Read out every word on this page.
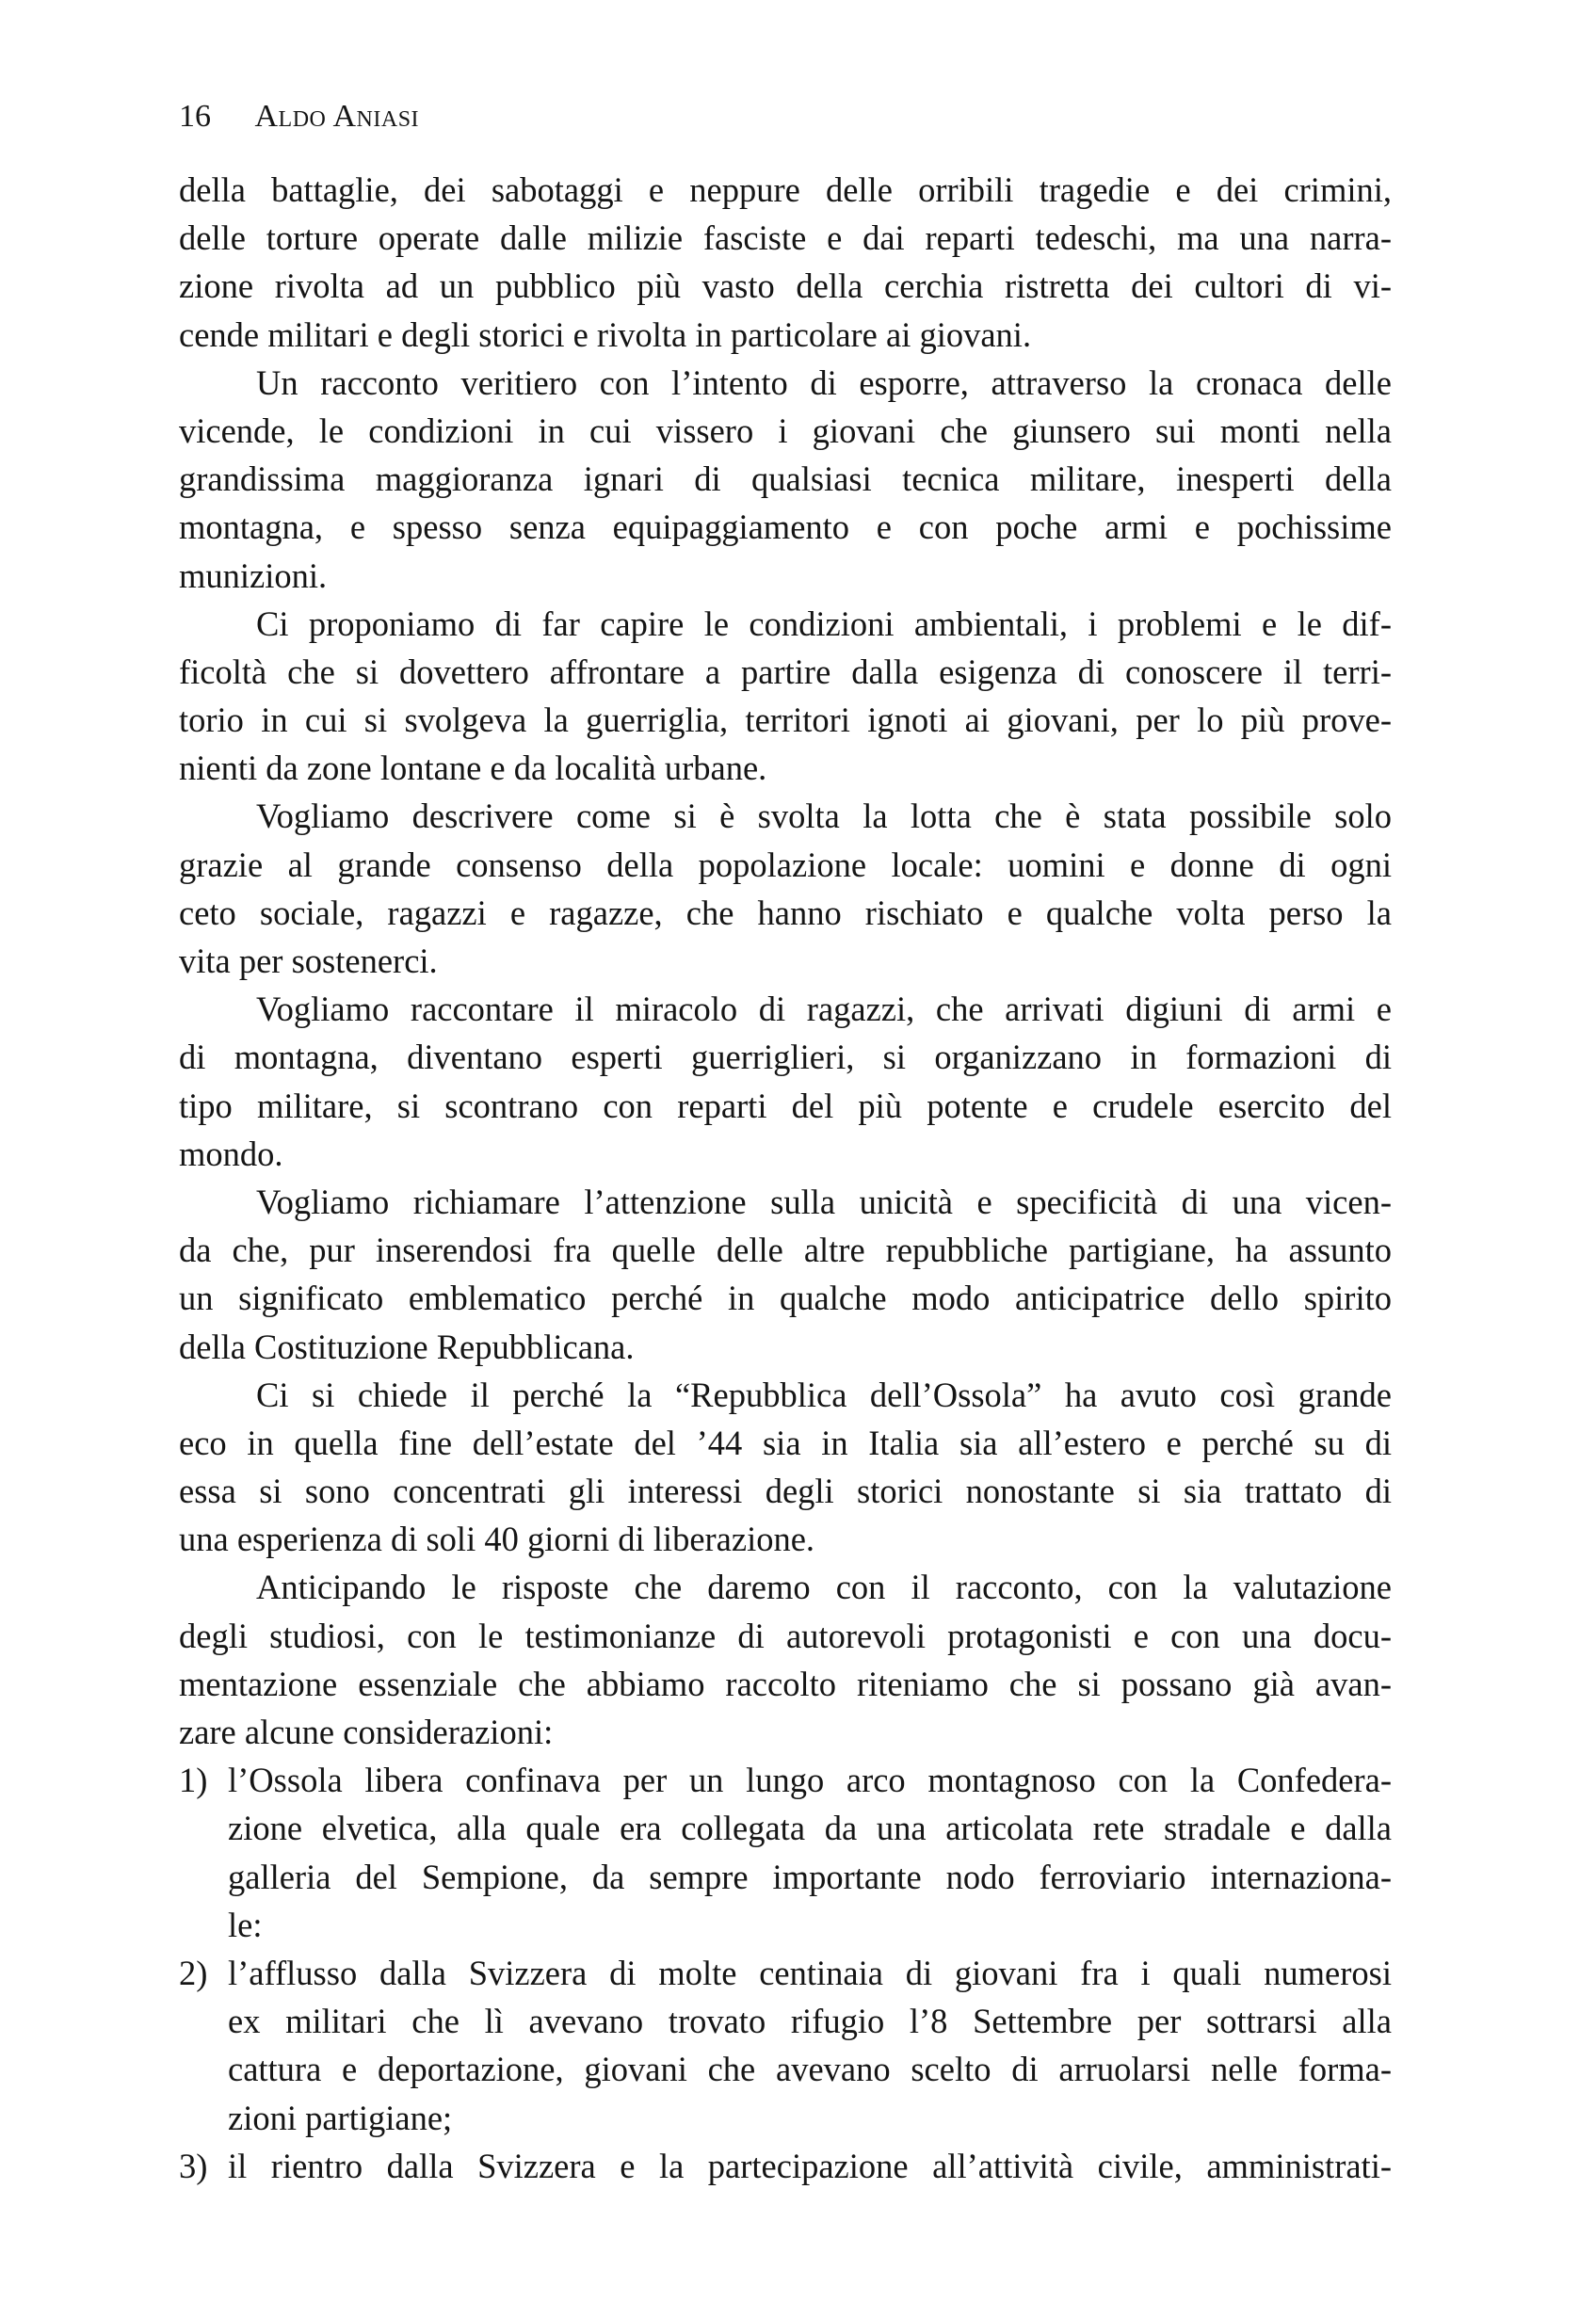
16 Aldo Aniasi
della battaglie, dei sabotaggi e neppure delle orribili tragedie e dei crimini,
delle torture operate dalle milizie fasciste e dai reparti tedeschi, ma una narra-
zione rivolta ad un pubblico più vasto della cerchia ristretta dei cultori di vi-
cende militari e degli storici e rivolta in particolare ai giovani.
Un racconto veritiero con l’intento di esporre, attraverso la cronaca delle
vicende, le condizioni in cui vissero i giovani che giunsero sui monti nella
grandissima maggioranza ignari di qualsiasi tecnica militare, inesperti della
montagna, e spesso senza equipaggiamento e con poche armi e pochissime
munizioni.
Ci proponiamo di far capire le condizioni ambientali, i problemi e le dif-
ficoltà che si dovettero affrontare a partire dalla esigenza di conoscere il terri-
torio in cui si svolgeva la guerriglia, territori ignoti ai giovani, per lo più prove-
nienti da zone lontane e da località urbane.
Vogliamo descrivere come si è svolta la lotta che è stata possibile solo
grazie al grande consenso della popolazione locale: uomini e donne di ogni
ceto sociale, ragazzi e ragazze, che hanno rischiato e qualche volta perso la
vita per sostenerci.
Vogliamo raccontare il miracolo di ragazzi, che arrivati digiuni di armi e
di montagna, diventano esperti guerriglieri, si organizzano in formazioni di
tipo militare, si scontrano con reparti del più potente e crudele esercito del
mondo.
Vogliamo richiamare l’attenzione sulla unicità e specificità di una vicen-
da che, pur inserendosi fra quelle delle altre repubbliche partigiane, ha assunto
un significato emblematico perché in qualche modo anticipatrice dello spirito
della Costituzione Repubblicana.
Ci si chiede il perché la “Repubblica dell’Ossola” ha avuto così grande
eco in quella fine dell’estate del ’44 sia in Italia sia all’estero e perché su di
essa si sono concentrati gli interessi degli storici nonostante si sia trattato di
una esperienza di soli 40 giorni di liberazione.
Anticipando le risposte che daremo con il racconto, con la valutazione
degli studiosi, con le testimonianze di autorevoli protagonisti e con una docu-
mentazione essenziale che abbiamo raccolto riteniamo che si possano già avan-
zare alcune considerazioni:
1) l’Ossola libera confinava per un lungo arco montagnoso con la Confedera-
zione elvetica, alla quale era collegata da una articolata rete stradale e dalla
galleria del Sempione, da sempre importante nodo ferroviario internaziona-
le:
2) l’afflusso dalla Svizzera di molte centinaia di giovani fra i quali numerosi
ex militari che lì avevano trovato rifugio l’8 Settembre per sottrarsi alla
cattura e deportazione, giovani che avevano scelto di arruolarsi nelle forma-
zioni partigiane;
3) il rientro dalla Svizzera e la partecipazione all’attività civile, amministrati-
